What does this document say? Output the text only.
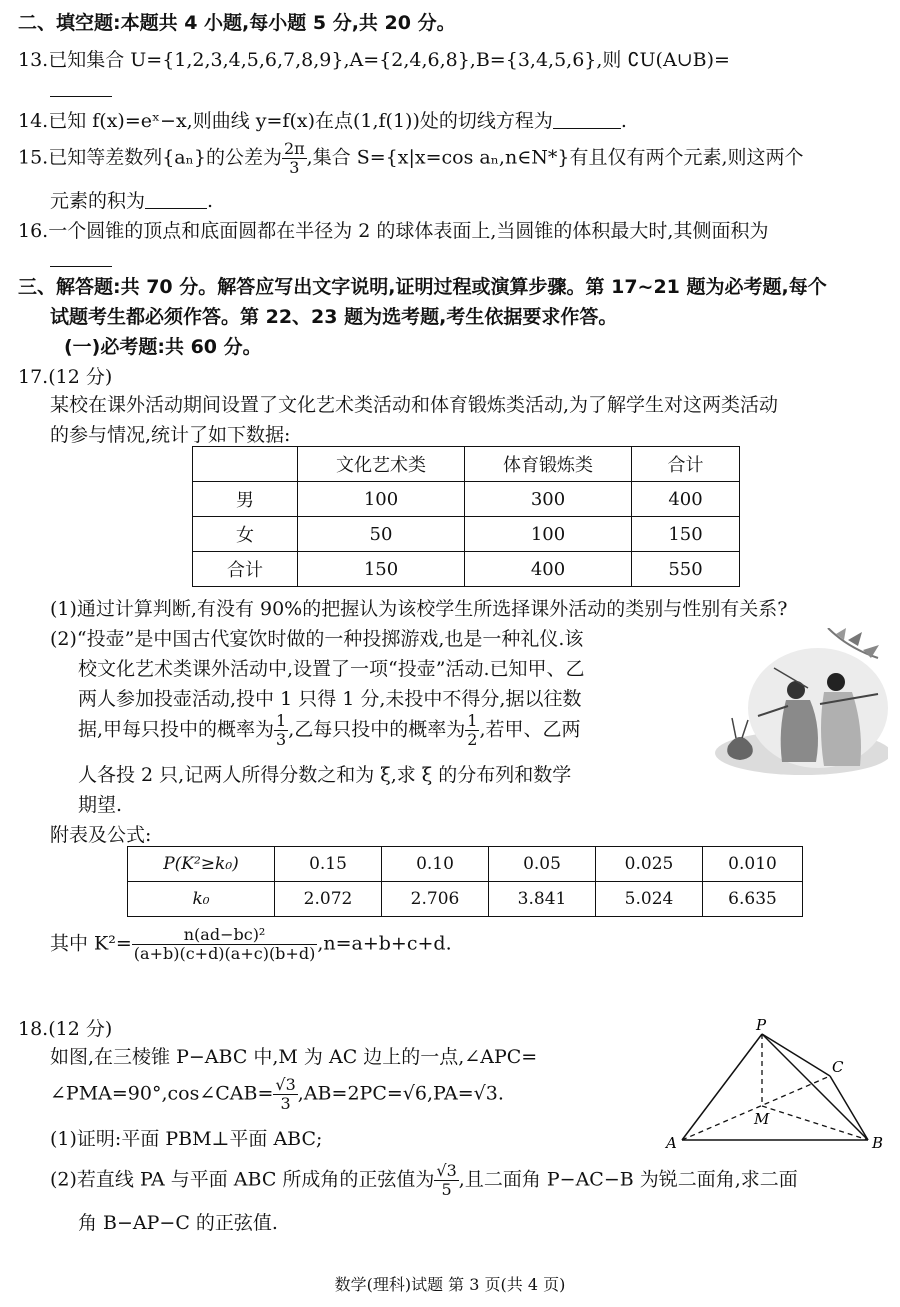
二、填空题:本题共 4 小题,每小题 5 分,共 20 分。
13.已知集合 U={1,2,3,4,5,6,7,8,9},A={2,4,6,8},B={3,4,5,6},则 ∁U(A∪B)=
14.已知 f(x)=eˣ−x,则曲线 y=f(x)在点(1,f(1))处的切线方程为	.
15.已知等差数列{aₙ}的公差为 $\frac{2\pi}{3}$ ,集合 S={x|x=cos aₙ,n∈N*}有且仅有两个元素,则这两个
元素的积为	.
16.一个圆锥的顶点和底面圆都在半径为 2 的球体表面上,当圆锥的体积最大时,其侧面积为
三、解答题:共 70 分。解答应写出文字说明,证明过程或演算步骤。第 17~21 题为必考题,每个
试题考生都必须作答。第 22、23 题为选考题,考生依据要求作答。
(一)必考题:共 60 分。
17.(12 分)
某校在课外活动期间设置了文化艺术类活动和体育锻炼类活动,为了解学生对这两类活动
的参与情况,统计了如下数据:
	文化艺术类	体育锻炼类	合计
男	100	300	400
女	50	100	150
合计	150	400	550
(1)通过计算判断,有没有 90%的把握认为该校学生所选择课外活动的类别与性别有关系?
(2)“投壶”是中国古代宴饮时做的一种投掷游戏,也是一种礼仪.该
校文化艺术类课外活动中,设置了一项“投壶”活动.已知甲、乙
两人参加投壶活动,投中 1 只得 1 分,未投中不得分,据以往数
据,甲每只投中的概率为 $\frac{1}{3}$ ,乙每只投中的概率为 $\frac{1}{2}$ ,若甲、乙两
人各投 2 只,记两人所得分数之和为 ξ,求 ξ 的分布列和数学
期望.
附表及公式:
P(K²≥k₀)	0.15	0.10	0.05	0.025	0.010
k₀	2.072	2.706	3.841	5.024	6.635
其中 $K^2= \frac{\text{n(ad−bc)²}}{(a+b)(c+d)(a+c)(b+d)} ,n=a+b+c+d$.
18.(12 分)
如图,在三棱锥 P−ABC 中,M 为 AC 边上的一点,∠APC=
∠PMA=90°,cos∠CAB= $\frac{√3}{3} ,AB=2PC=√6,PA=√3$.
(1)证明:平面 PBM⊥平面 ABC;
(2)若直线 PA 与平面 ABC 所成角的正弦值为 $\frac{√3}{5}$ ,且二面角 P−AC−B 为锐二面角,求二面
角 B−AP−C 的正弦值.
P
C
M
A	B
数学(理科)试题 第 3 页(共 4 页)
